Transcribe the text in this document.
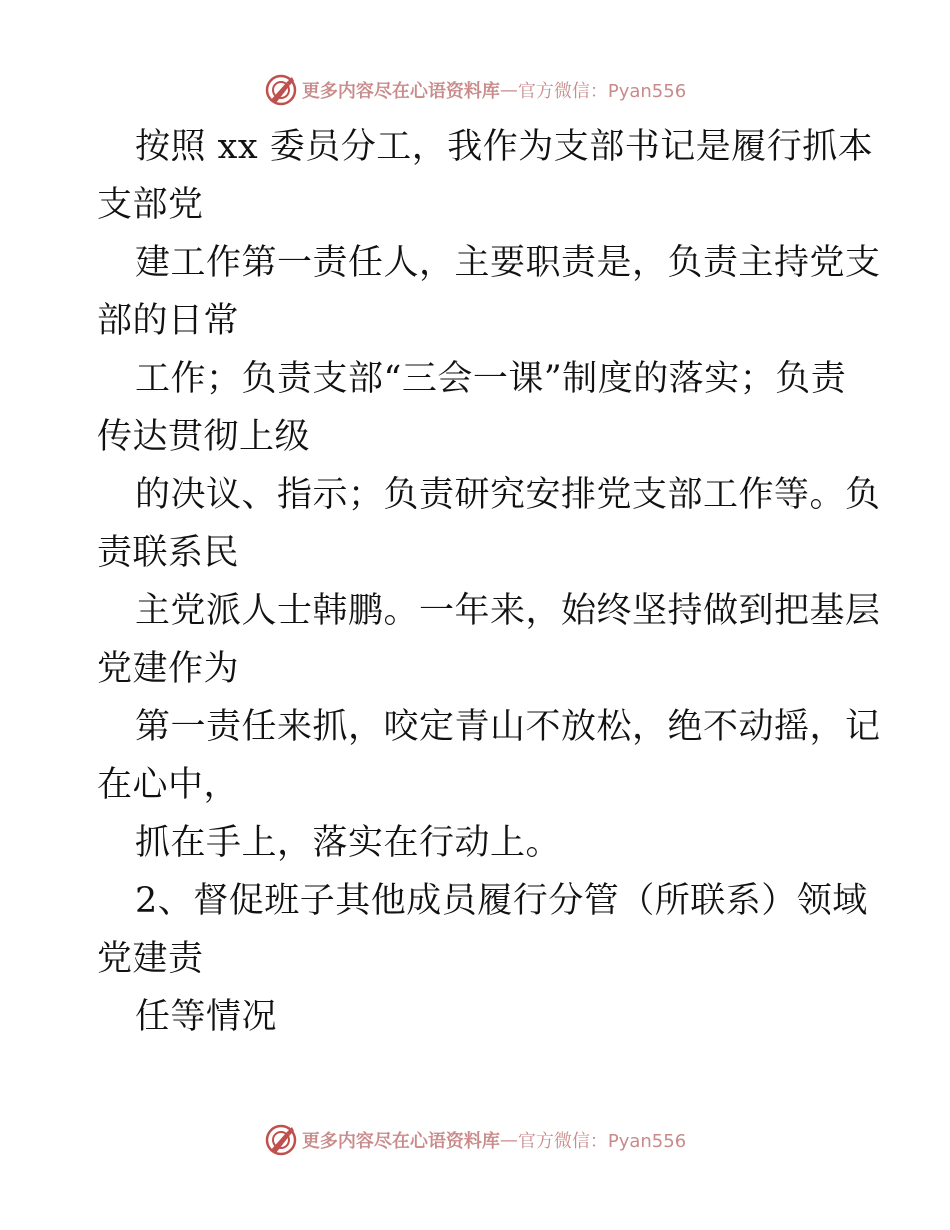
更多内容尽在心语资料库 — 官方微信：Pyan556
按照 xx 委员分工，我作为支部书记是履行抓本
支部党
建工作第一责任人，主要职责是，负责主持党支
部的日常
工作；负责支部“三会一课”制度的落实；负责
传达贯彻上级
的决议、指示；负责研究安排党支部工作等。负
责联系民
主党派人士韩鹏。一年来，始终坚持做到把基层
党建作为
第一责任来抓，咬定青山不放松，绝不动摇，记
在心中，
抓在手上，落实在行动上。
2、督促班子其他成员履行分管（所联系）领域
党建责
任等情况
更多内容尽在心语资料库 — 官方微信：Pyan556
